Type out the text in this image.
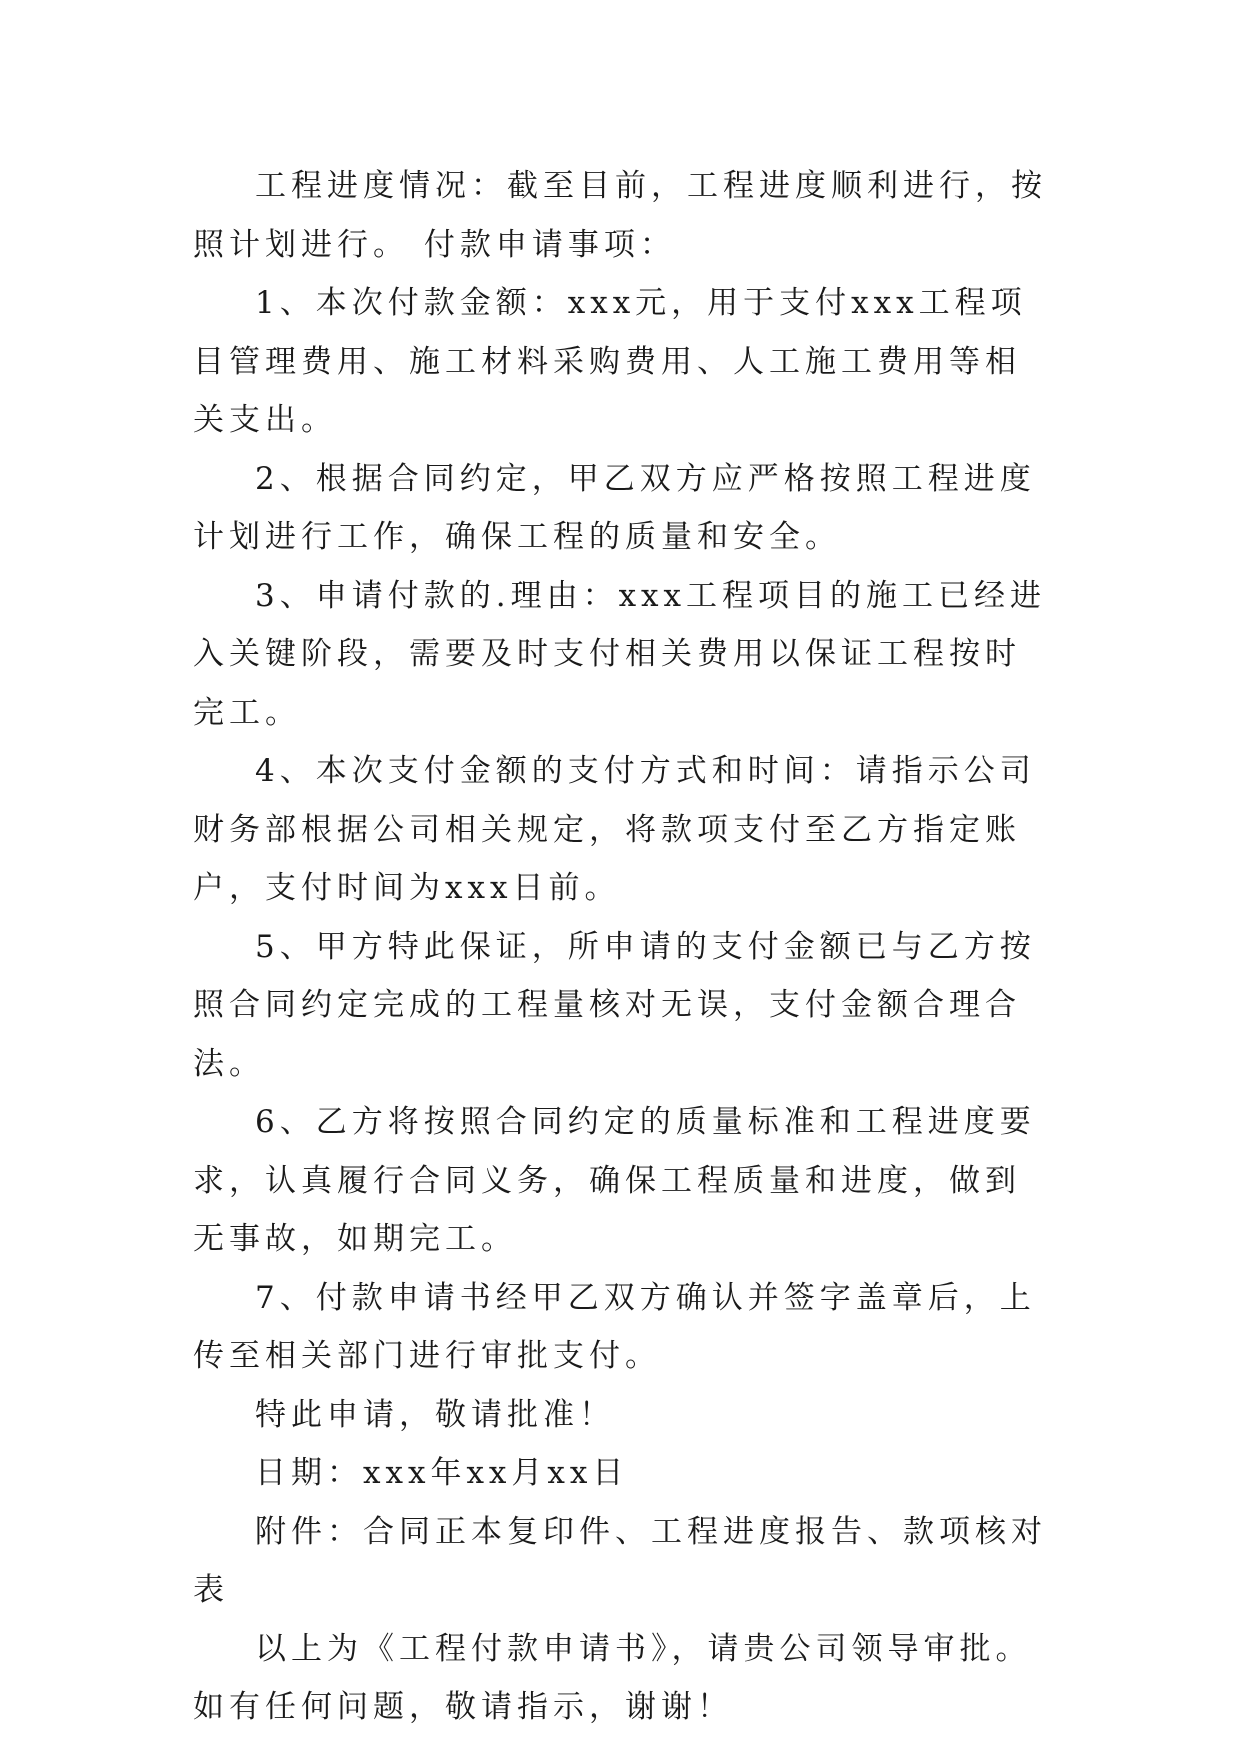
工程进度情况：截至目前，工程进度顺利进行，按照计划进行。 付款申请事项：

1、本次付款金额：xxx元，用于支付xxx工程项目管理费用、施工材料采购费用、人工施工费用等相关支出。

2、根据合同约定，甲乙双方应严格按照工程进度计划进行工作，确保工程的质量和安全。

3、申请付款的.理由：xxx工程项目的施工已经进入关键阶段，需要及时支付相关费用以保证工程按时完工。

4、本次支付金额的支付方式和时间：请指示公司财务部根据公司相关规定，将款项支付至乙方指定账户，支付时间为xxx日前。

5、甲方特此保证，所申请的支付金额已与乙方按照合同约定完成的工程量核对无误，支付金额合理合法。

6、乙方将按照合同约定的质量标准和工程进度要求，认真履行合同义务，确保工程质量和进度，做到无事故，如期完工。

7、付款申请书经甲乙双方确认并签字盖章后，上传至相关部门进行审批支付。

特此申请，敬请批准！

日期：xxx年xx月xx日

附件：合同正本复印件、工程进度报告、款项核对表

以上为《工程付款申请书》，请贵公司领导审批。如有任何问题，敬请指示，谢谢！
